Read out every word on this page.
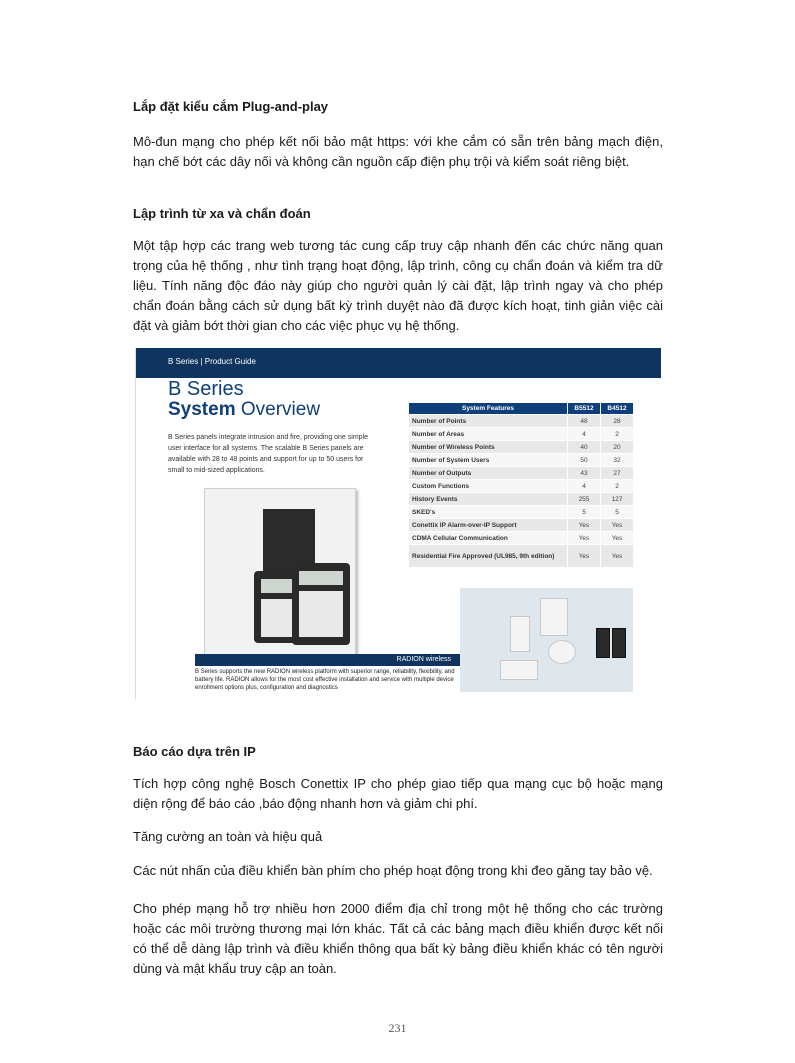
Lắp đặt kiểu cắm Plug-and-play
Mô-đun mạng cho phép kết nối bảo mật https: với khe cắm có sẵn trên bảng mạch điện, hạn chế bớt các dây nối và không cần nguồn cấp điện phụ trội và kiểm soát riêng biệt.
Lập trình từ xa và chẩn đoán
Một tập hợp các trang web tương tác cung cấp truy cập nhanh đến các chức năng quan trọng của hệ thống , như tình trạng hoạt động, lập trình, công cụ chẩn đoán và kiểm tra dữ liệu. Tính năng độc đáo này giúp cho người quản lý cài đặt, lập trình ngay và cho phép chẩn đoán bằng cách sử dụng bất kỳ trình duyệt nào đã được kích hoạt, tinh giản việc cài đặt và giảm bớt thời gian cho các việc phục vụ hệ thống.
B Series | Product Guide
B Series
System Overview
B Series panels integrate intrusion and fire, providing one simple user interface for all systems. The scalable B Series panels are available with 28 to 48 points and support for up to 50 users for small to mid-sized applications.
RADION wireless
B Series supports the new RADION wireless platform with superior range, reliability, flexibility, and battery life. RADION allows for the most cost effective installation and service with multiple device enrollment options plus, configuration and diagnostics
System Features	B5512	B4512
Number of Points	48	28
Number of Areas	4	2
Number of Wireless Points	40	20
Number of System Users	50	32
Number of Outputs	43	27
Custom Functions	4	2
History Events	255	127
SKED's	5	5
Conettix IP Alarm-over-IP Support	Yes	Yes
CDMA Cellular Communication	Yes	Yes
Residential Fire Approved (UL985, 9th edition)	Yes	Yes
Báo cáo dựa trên IP
Tích hợp công nghệ Bosch Conettix IP cho phép giao tiếp qua mạng cục bộ hoặc mạng diện rộng để báo cáo ,báo động nhanh hơn và giảm chi phí.
Tăng cường an toàn và hiệu quả
Các nút nhấn của điều khiển bàn phím cho phép hoạt động trong khi đeo găng tay bảo vệ.
Cho phép mạng hỗ trợ nhiều hơn 2000 điểm địa chỉ trong một hệ thống cho các trường hoặc các môi trường thương mại lớn khác. Tất cả các bảng mạch điều khiển được kết nối có thể dễ dàng lập trình và điều khiển thông qua bất kỳ bảng điều khiển khác có tên người dùng và mật khẩu truy cập an toàn.
231
